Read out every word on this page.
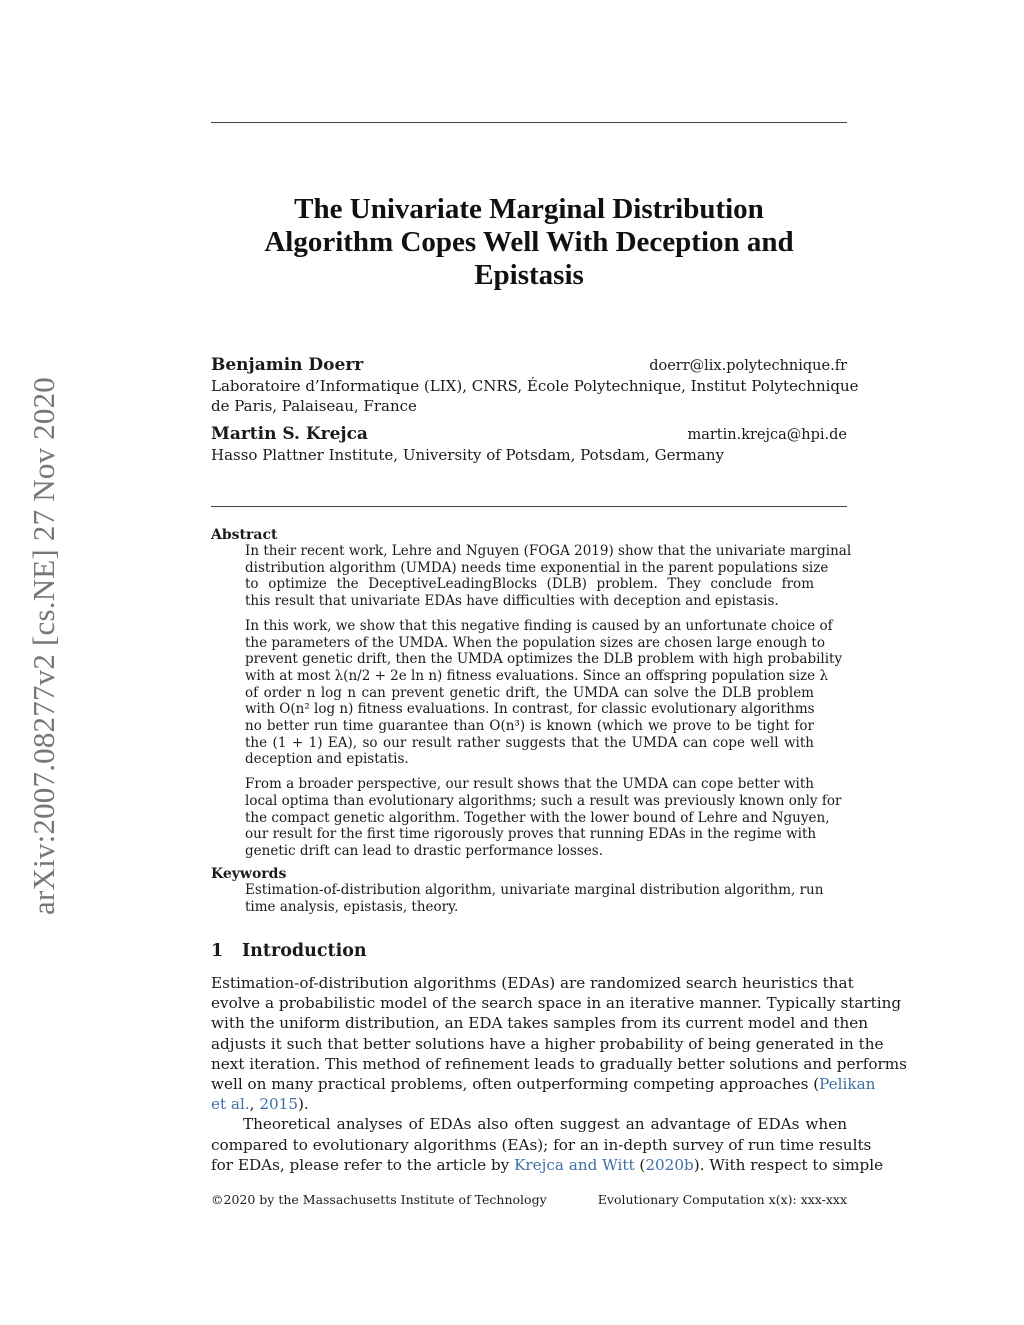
arXiv:2007.08277v2 [cs.NE] 27 Nov 2020
The Univariate Marginal Distribution
Algorithm Copes Well With Deception and
Epistasis
Benjamin Doerr	doerr@lix.polytechnique.fr
Laboratoire d’Informatique (LIX), CNRS, École Polytechnique, Institut Polytechnique
de Paris, Palaiseau, France
Martin S. Krejca	martin.krejca@hpi.de
Hasso Plattner Institute, University of Potsdam, Potsdam, Germany
Abstract
In their recent work, Lehre and Nguyen (FOGA 2019) show that the univariate marginal
distribution algorithm (UMDA) needs time exponential in the parent populations size
to optimize the DeceptiveLeadingBlocks (DLB) problem. They conclude from
this result that univariate EDAs have difficulties with deception and epistasis.
In this work, we show that this negative finding is caused by an unfortunate choice of
the parameters of the UMDA. When the population sizes are chosen large enough to
prevent genetic drift, then the UMDA optimizes the DLB problem with high probability
with at most λ(n/2 + 2e ln n) fitness evaluations. Since an offspring population size λ
of order n log n can prevent genetic drift, the UMDA can solve the DLB problem
with O(n² log n) fitness evaluations. In contrast, for classic evolutionary algorithms
no better run time guarantee than O(n³) is known (which we prove to be tight for
the (1 + 1) EA), so our result rather suggests that the UMDA can cope well with
deception and epistatis.
From a broader perspective, our result shows that the UMDA can cope better with
local optima than evolutionary algorithms; such a result was previously known only for
the compact genetic algorithm. Together with the lower bound of Lehre and Nguyen,
our result for the first time rigorously proves that running EDAs in the regime with
genetic drift can lead to drastic performance losses.
Keywords
Estimation-of-distribution algorithm, univariate marginal distribution algorithm, run
time analysis, epistasis, theory.
1 Introduction
Estimation-of-distribution algorithms (EDAs) are randomized search heuristics that
evolve a probabilistic model of the search space in an iterative manner. Typically starting
with the uniform distribution, an EDA takes samples from its current model and then
adjusts it such that better solutions have a higher probability of being generated in the
next iteration. This method of refinement leads to gradually better solutions and performs
well on many practical problems, often outperforming competing approaches (Pelikan
et al., 2015).
Theoretical analyses of EDAs also often suggest an advantage of EDAs when
compared to evolutionary algorithms (EAs); for an in-depth survey of run time results
for EDAs, please refer to the article by Krejca and Witt (2020b). With respect to simple
©2020 by the Massachusetts Institute of Technology	Evolutionary Computation x(x): xxx-xxx
